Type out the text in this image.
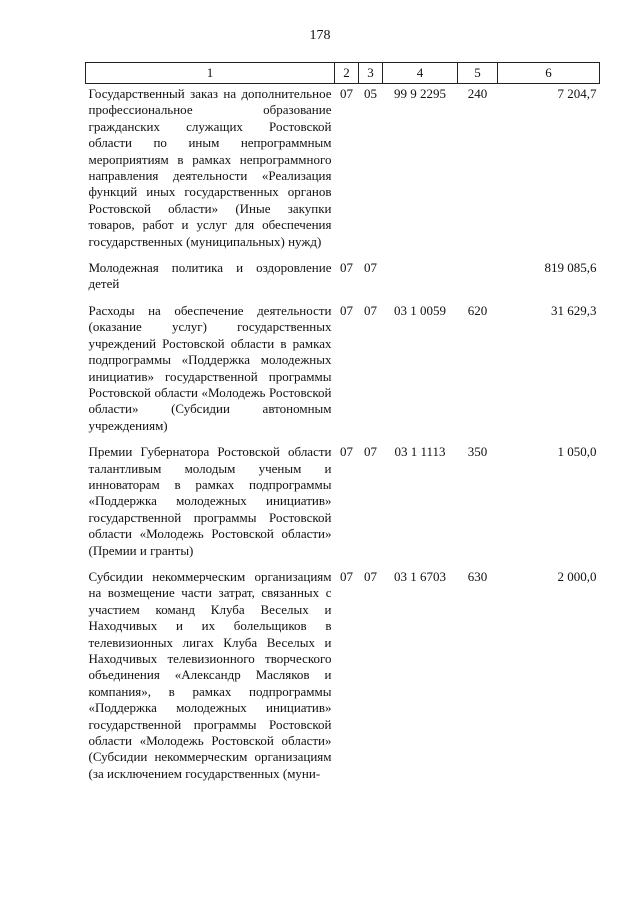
178
1	2	3	4	5	6
Государственный заказ на дополнительное профессиональное образование гражданских служащих Ростовской области по иным непрограммным мероприятиям в рамках непрограммного направления деятельности «Реализация функций иных государственных органов Ростовской области» (Иные закупки товаров, работ и услуг для обеспечения государственных (муниципальных) нужд)	07	05	99 9 2295	240	7 204,7
Молодежная политика и оздоровление детей	07	07			819 085,6
Расходы на обеспечение деятельности (оказание услуг) государственных учреждений Ростовской области в рамках подпрограммы «Поддержка молодежных инициатив» государственной программы Ростовской области «Молодежь Ростовской области» (Субсидии автономным учреждениям)	07	07	03 1 0059	620	31 629,3
Премии Губернатора Ростовской области талантливым молодым ученым и инноваторам в рамках подпрограммы «Поддержка молодежных инициатив» государственной программы Ростовской области «Молодежь Ростовской области» (Премии и гранты)	07	07	03 1 1113	350	1 050,0
Субсидии некоммерческим организациям на возмещение части затрат, связанных с участием команд Клуба Веселых и Находчивых и их болельщиков в телевизионных лигах Клуба Веселых и Находчивых телевизионного творческого объединения «Александр Масляков и компания», в рамках подпрограммы «Поддержка молодежных инициатив» государственной программы Ростовской области «Молодежь Ростовской области» (Субсидии некоммерческим организациям (за исключением государственных (муни-	07	07	03 1 6703	630	2 000,0
